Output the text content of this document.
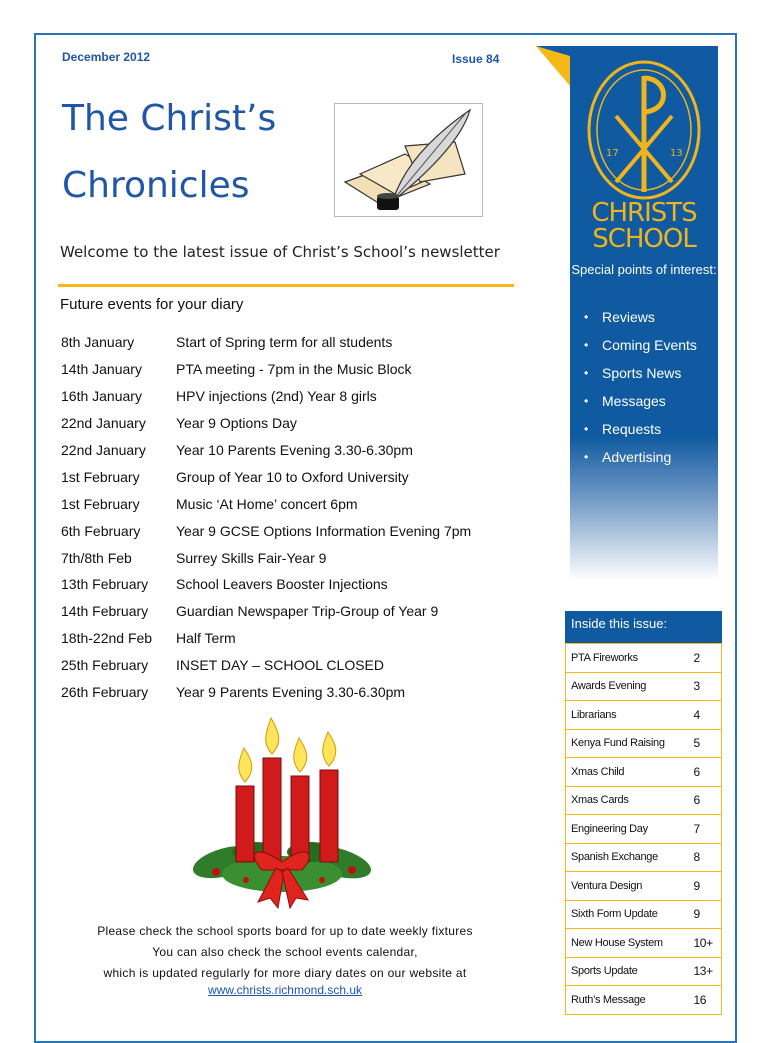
December 2012	Issue 84
The Christ’s
Chronicles
Welcome to the latest issue of Christ’s School’s newsletter
Future events for your diary
8th January	Start of Spring term for all students
14th January	PTA meeting - 7pm in the Music Block
16th January	HPV injections (2nd) Year 8 girls
22nd January	Year 9 Options Day
22nd January	Year 10 Parents Evening 3.30-6.30pm
1st February	Group of Year 10 to Oxford University
1st February	Music ‘At Home’ concert 6pm
6th February	Year 9 GCSE Options Information Evening 7pm
7th/8th Feb	Surrey Skills Fair-Year 9
13th February	School Leavers Booster Injections
14th February	Guardian Newspaper Trip-Group of Year 9
18th-22nd Feb	Half Term
25th February	INSET DAY – SCHOOL CLOSED
26th February	Year 9 Parents Evening 3.30-6.30pm

Please check the school sports board for up to date weekly fixtures

You can also check the school events calendar,

which is updated regularly for more diary dates on our website at

www.christs.richmond.sch.uk
17	13
CHRISTS
SCHOOL
Special points of interest:
• Reviews
• Coming Events
• Sports News
• Messages
• Requests
• Advertising
Inside this issue:
PTA Fireworks	2
Awards Evening	3
Librarians	4
Kenya Fund Raising	5
Xmas Child	6
Xmas Cards	6
Engineering Day	7
Spanish Exchange	8
Ventura Design	9
Sixth Form Update	9
New House System	10+
Sports Update	13+
Ruth’s Message	16
